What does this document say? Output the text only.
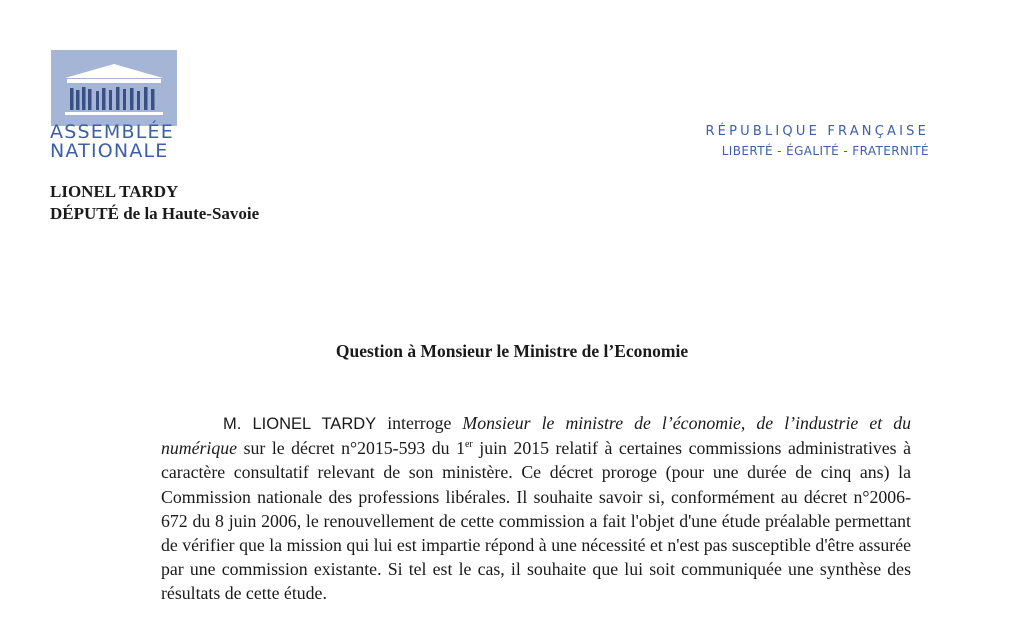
ASSEMBLÉE
NATIONALE
RÉPUBLIQUE FRANÇAISE
LIBERTÉ - ÉGALITÉ - FRATERNITÉ
LIONEL TARDY
DÉPUTÉ de la Haute-Savoie
Question à Monsieur le Ministre de l’Economie
M. LIONEL TARDY interroge Monsieur le ministre de l’économie, de l’industrie et du numérique sur le décret n°2015-593 du 1er juin 2015 relatif à certaines commissions administratives à caractère consultatif relevant de son ministère. Ce décret proroge (pour une durée de cinq ans) la Commission nationale des professions libérales. Il souhaite savoir si, conformément au décret n°2006-672 du 8 juin 2006, le renouvellement de cette commission a fait l'objet d'une étude préalable permettant de vérifier que la mission qui lui est impartie répond à une nécessité et n'est pas susceptible d'être assurée par une commission existante. Si tel est le cas, il souhaite que lui soit communiquée une synthèse des résultats de cette étude.
